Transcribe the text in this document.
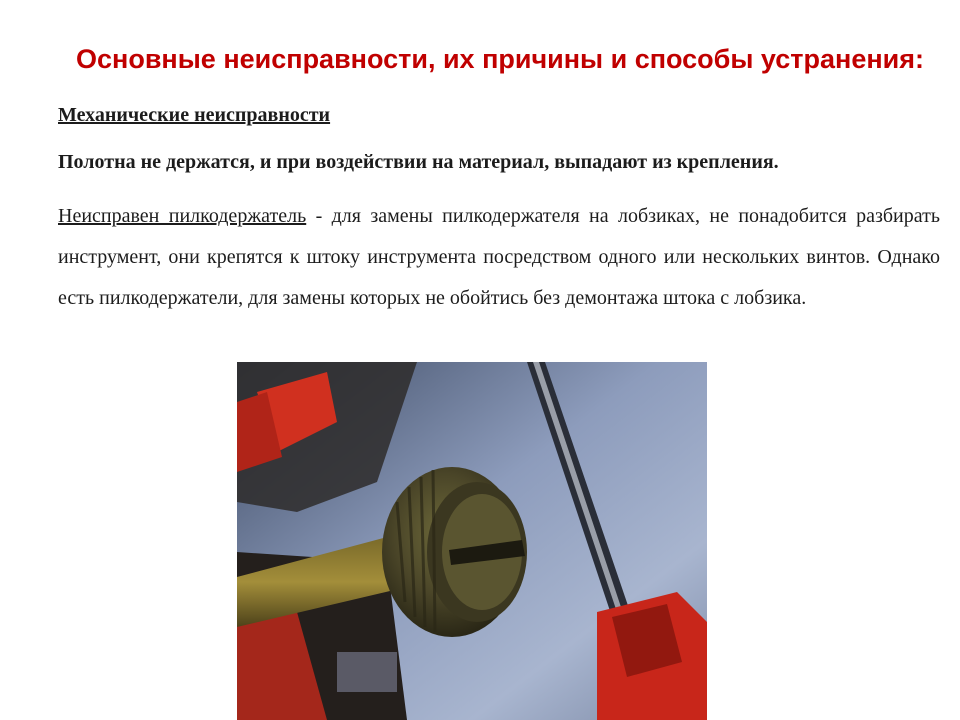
Основные неисправности, их причины и способы устранения:
Механические неисправности
Полотна не держатся, и при воздействии на материал, выпадают из крепления.

Неисправен пилкодержатель - для замены пилкодержателя на лобзиках, не понадобится разбирать инструмент, они крепятся к штоку инструмента посредством одного или нескольких винтов. Однако есть пилкодержатели, для замены которых не обойтись без демонтажа штока с лобзика.
